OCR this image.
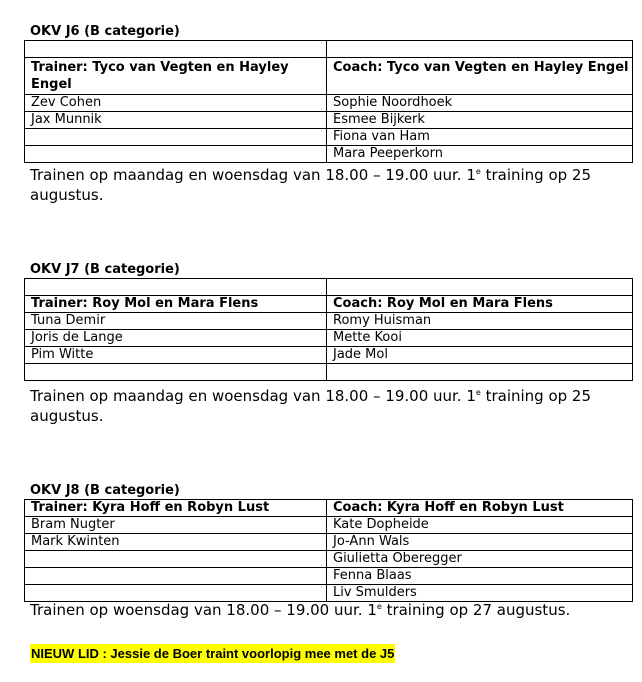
OKV J6 (B categorie)

Trainer: Tyco van Vegten en Hayley Engel	Coach: Tyco van Vegten en Hayley Engel
Zev Cohen	Sophie Noordhoek
Jax Munnik	Esmee Bijkerk
	Fiona van Ham
	Mara Peeperkorn

Trainen op maandag en woensdag van 18.00 – 19.00 uur. 1e training op 25 augustus.

OKV J7 (B categorie)

Trainer: Roy Mol en Mara Flens	Coach: Roy Mol en Mara Flens
Tuna Demir	Romy Huisman
Joris de Lange	Mette Kooi
Pim Witte	Jade Mol

Trainen op maandag en woensdag van 18.00 – 19.00 uur. 1e training op 25 augustus.

OKV J8 (B categorie)

Trainer: Kyra Hoff en Robyn Lust	Coach: Kyra Hoff en Robyn Lust
Bram Nugter	Kate Dopheide
Mark Kwinten	Jo-Ann Wals
	Giulietta Oberegger
	Fenna Blaas
	Liv Smulders

Trainen op woensdag van 18.00 – 19.00 uur. 1e training op 27 augustus.

NIEUW LID : Jessie de Boer traint voorlopig mee met de J5
